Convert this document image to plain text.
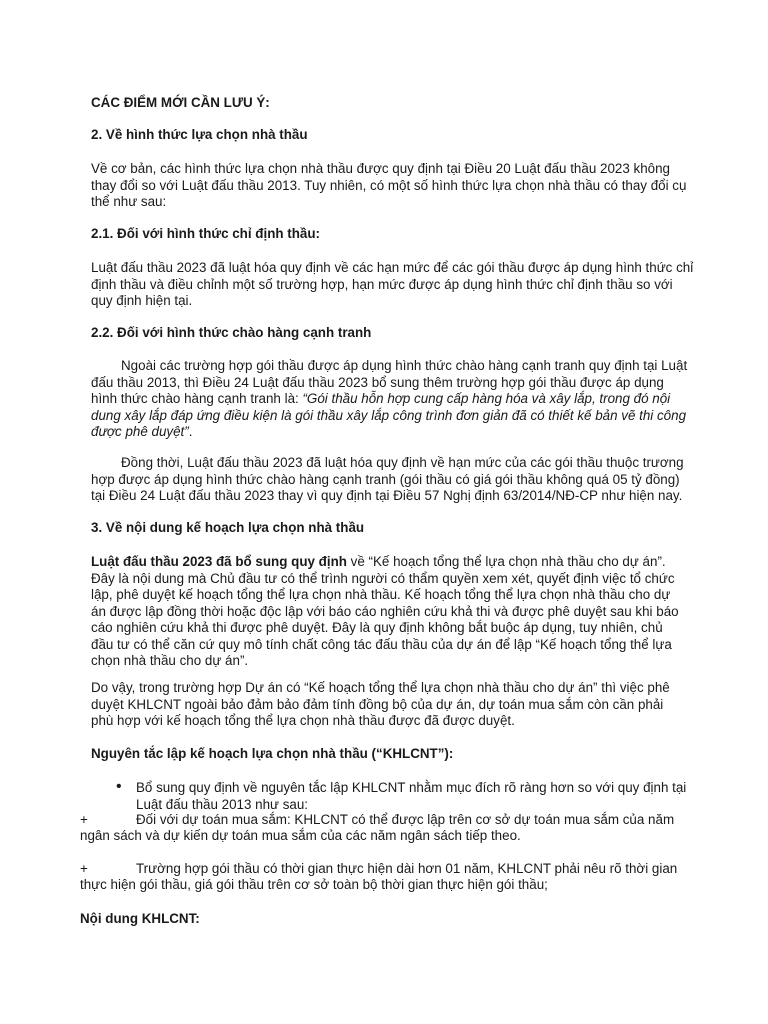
CÁC ĐIỂM MỚI CẦN LƯU Ý:

2. Về hình thức lựa chọn nhà thầu

Về cơ bản, các hình thức lựa chọn nhà thầu được quy định tại Điều 20 Luật đấu thầu 2023 không thay đổi so với Luật đấu thầu 2013. Tuy nhiên, có một số hình thức lựa chọn nhà thầu có thay đổi cụ thể như sau:

2.1. Đối với hình thức chỉ định thầu:

Luật đấu thầu 2023 đã luật hóa quy định về các hạn mức để các gói thầu được áp dụng hình thức chỉ định thầu và điều chỉnh một số trường hợp, hạn mức được áp dụng hình thức chỉ định thầu so với quy định hiện tại.

2.2. Đối với hình thức chào hàng cạnh tranh

Ngoài các trường hợp gói thầu được áp dụng hình thức chào hàng cạnh tranh quy định tại Luật đấu thầu 2013, thì Điều 24 Luật đấu thầu 2023 bổ sung thêm trường hợp gói thầu được áp dụng hình thức chào hàng cạnh tranh là: “Gói thầu hỗn hợp cung cấp hàng hóa và xây lắp, trong đó nội dung xây lắp đáp ứng điều kiện là gói thầu xây lắp công trình đơn giản đã có thiết kế bản vẽ thi công được phê duyệt”.

Đồng thời, Luật đấu thầu 2023 đã luật hóa quy định về hạn mức của các gói thầu thuộc trương hợp được áp dụng hình thức chào hàng cạnh tranh (gói thầu có giá gói thầu không quá 05 tỷ đồng) tại Điều 24 Luật đấu thầu 2023 thay vì quy định tại Điều 57 Nghị định 63/2014/NĐ-CP như hiện nay.

3. Về nội dung kế hoạch lựa chọn nhà thầu

Luật đấu thầu 2023 đã bổ sung quy định về “Kế hoạch tổng thể lựa chọn nhà thầu cho dự án”. Đây là nội dung mà Chủ đầu tư có thể trình người có thẩm quyền xem xét, quyết định việc tổ chức lập, phê duyệt kế hoạch tổng thể lựa chọn nhà thầu. Kế hoạch tổng thể lựa chọn nhà thầu cho dự án được lập đồng thời hoặc độc lập với báo cáo nghiên cứu khả thi và được phê duyệt sau khi báo cáo nghiên cứu khả thi được phê duyệt. Đây là quy định không bắt buộc áp dụng, tuy nhiên, chủ đầu tư có thể căn cứ quy mô tính chất công tác đấu thầu của dự án để lập “Kế hoạch tổng thể lựa chọn nhà thầu cho dự án”.

Do vậy, trong trường hợp Dự án có “Kế hoạch tổng thể lựa chọn nhà thầu cho dự án” thì việc phê duyệt KHLCNT ngoài bảo đảm bảo đảm tính đồng bộ của dự án, dự toán mua sắm còn cần phải phù hợp với kế hoạch tổng thể lựa chọn nhà thầu được đã được duyệt.

Nguyên tắc lập kế hoạch lựa chọn nhà thầu (“KHLCNT”):

• Bổ sung quy định về nguyên tắc lập KHLCNT nhằm mục đích rõ ràng hơn so với quy định tại Luật đấu thầu 2013 như sau:

+	Đối với dự toán mua sắm: KHLCNT có thể được lập trên cơ sở dự toán mua sắm của năm

ngân sách và dự kiến dự toán mua sắm của các năm ngân sách tiếp theo.

+	Trường hợp gói thầu có thời gian thực hiện dài hơn 01 năm, KHLCNT phải nêu rõ thời gian

thực hiện gói thầu, giá gói thầu trên cơ sở toàn bộ thời gian thực hiện gói thầu;

Nội dung KHLCNT:
